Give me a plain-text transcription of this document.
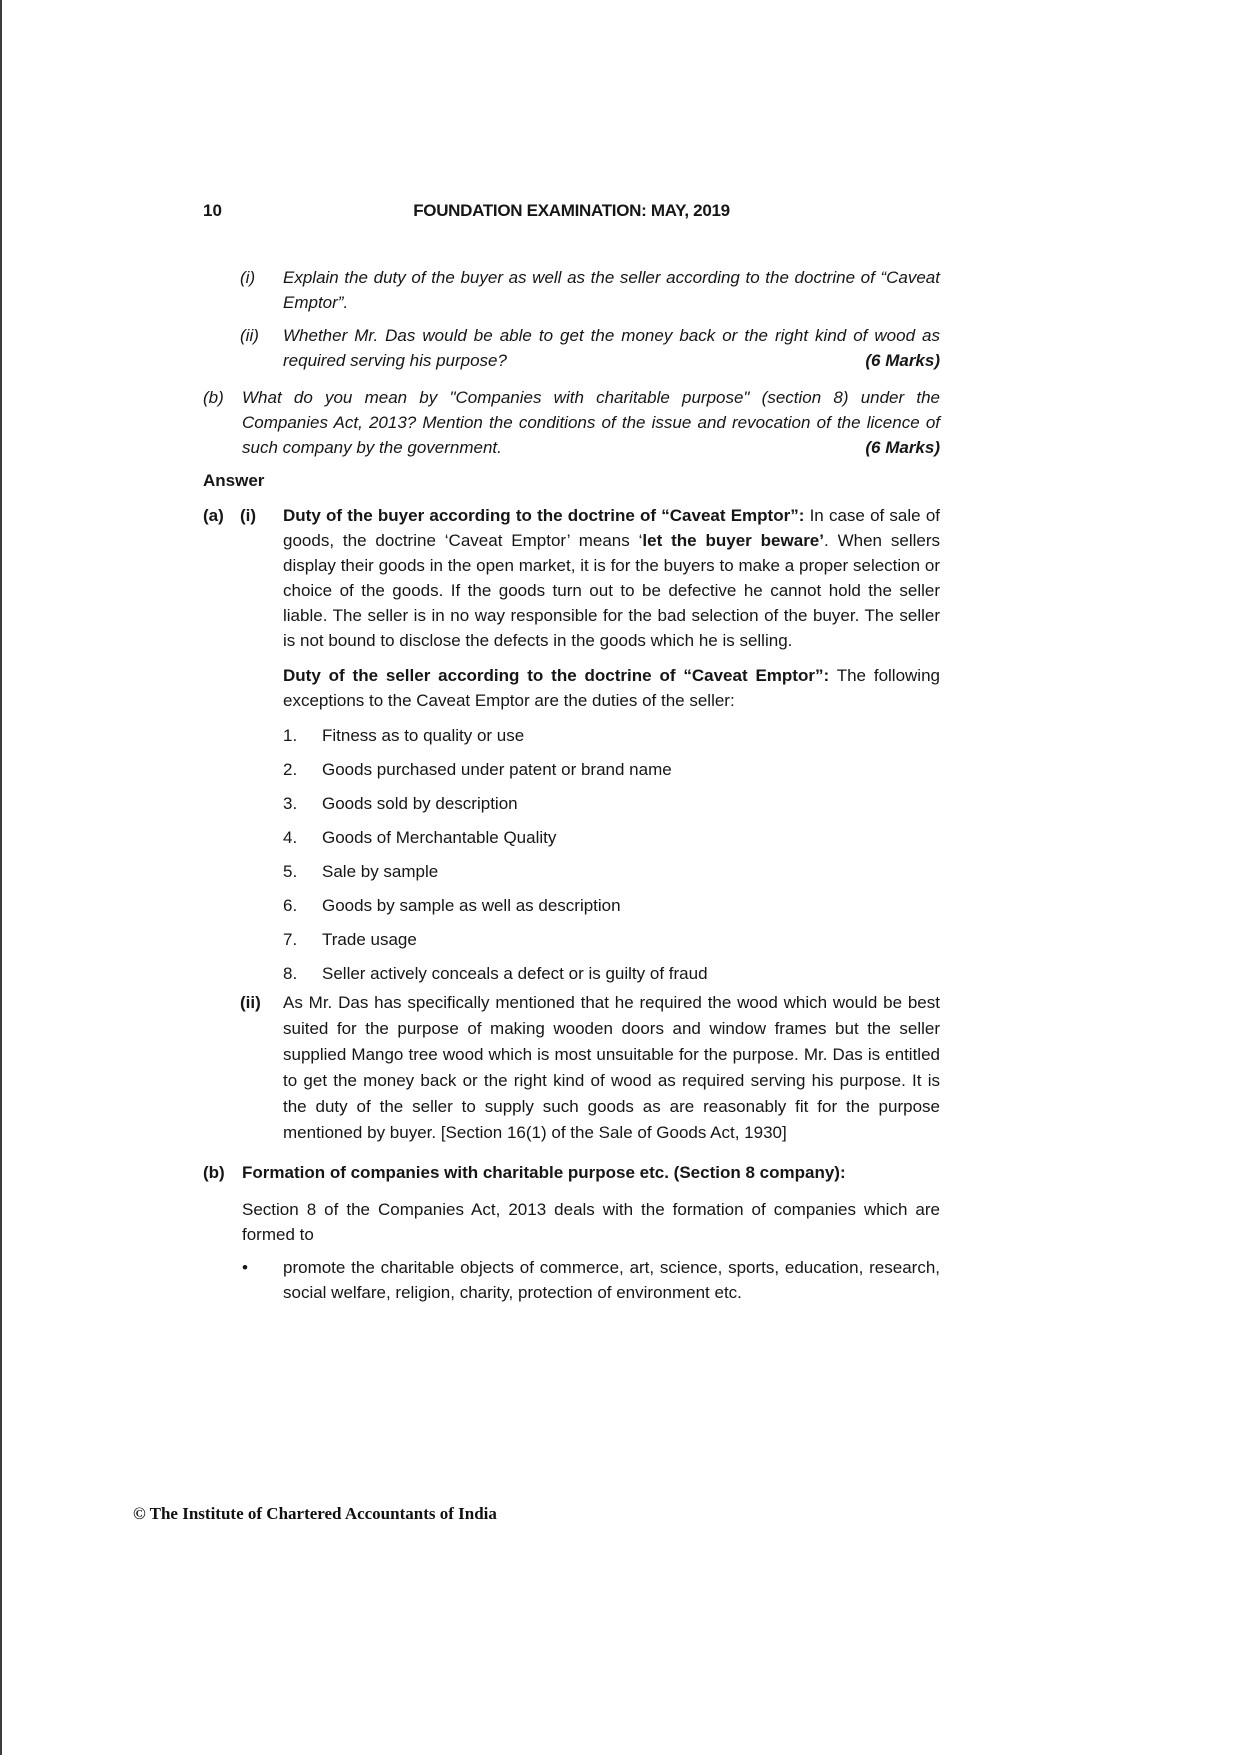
10	FOUNDATION EXAMINATION: MAY, 2019
(i) Explain the duty of the buyer as well as the seller according to the doctrine of “Caveat Emptor”.
(ii) Whether Mr. Das would be able to get the money back or the right kind of wood as required serving his purpose?	(6 Marks)
(b) What do you mean by "Companies with charitable purpose" (section 8) under the Companies Act, 2013? Mention the conditions of the issue and revocation of the licence of such company by the government.	(6 Marks)
Answer
(a) (i) Duty of the buyer according to the doctrine of “Caveat Emptor”: In case of sale of goods, the doctrine ‘Caveat Emptor’ means ‘let the buyer beware’. When sellers display their goods in the open market, it is for the buyers to make a proper selection or choice of the goods. If the goods turn out to be defective he cannot hold the seller liable. The seller is in no way responsible for the bad selection of the buyer. The seller is not bound to disclose the defects in the goods which he is selling.
Duty of the seller according to the doctrine of “Caveat Emptor”: The following exceptions to the Caveat Emptor are the duties of the seller:
1. Fitness as to quality or use
2. Goods purchased under patent or brand name
3. Goods sold by description
4. Goods of Merchantable Quality
5. Sale by sample
6. Goods by sample as well as description
7. Trade usage
8. Seller actively conceals a defect or is guilty of fraud
(ii) As Mr. Das has specifically mentioned that he required the wood which would be best suited for the purpose of making wooden doors and window frames but the seller supplied Mango tree wood which is most unsuitable for the purpose. Mr. Das is entitled to get the money back or the right kind of wood as required serving his purpose. It is the duty of the seller to supply such goods as are reasonably fit for the purpose mentioned by buyer. [Section 16(1) of the Sale of Goods Act, 1930]
(b) Formation of companies with charitable purpose etc. (Section 8 company):
Section 8 of the Companies Act, 2013 deals with the formation of companies which are formed to
• promote the charitable objects of commerce, art, science, sports, education, research, social welfare, religion, charity, protection of environment etc.
© The Institute of Chartered Accountants of India
